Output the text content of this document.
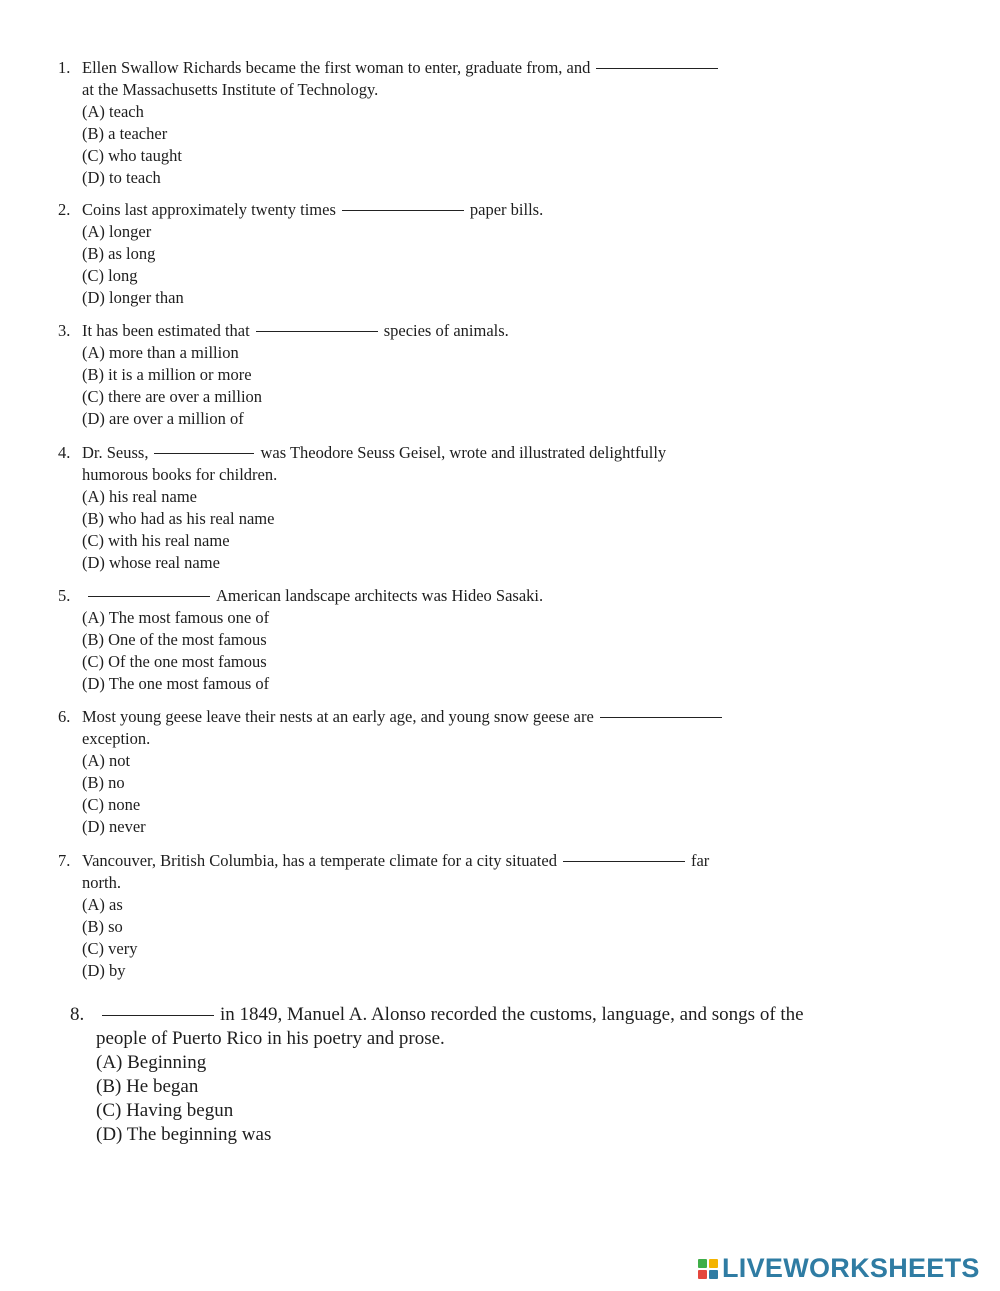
1. Ellen Swallow Richards became the first woman to enter, graduate from, and
at the Massachusetts Institute of Technology.
(A) teach
(B) a teacher
(C) who taught
(D) to teach
2. Coins last approximately twenty times	paper bills.
(A) longer
(B) as long
(C) long
(D) longer than
3. It has been estimated that	species of animals.
(A) more than a million
(B) it is a million or more
(C) there are over a million
(D) are over a million of
4. Dr. Seuss,	was Theodore Seuss Geisel, wrote and illustrated delightfully
humorous books for children.
(A) his real name
(B) who had as his real name
(C) with his real name
(D) whose real name
5.	American landscape architects was Hideo Sasaki.
(A) The most famous one of
(B) One of the most famous
(C) Of the one most famous
(D) The one most famous of
6. Most young geese leave their nests at an early age, and young snow geese are
exception.
(A) not
(B) no
(C) none
(D) never
7. Vancouver, British Columbia, has a temperate climate for a city situated	far
north.
(A) as
(B) so
(C) very
(D) by
8.	in 1849, Manuel A. Alonso recorded the customs, language, and songs of the
people of Puerto Rico in his poetry and prose.
(A) Beginning
(B) He began
(C) Having begun
(D) The beginning was
LIVEWORKSHEETS
